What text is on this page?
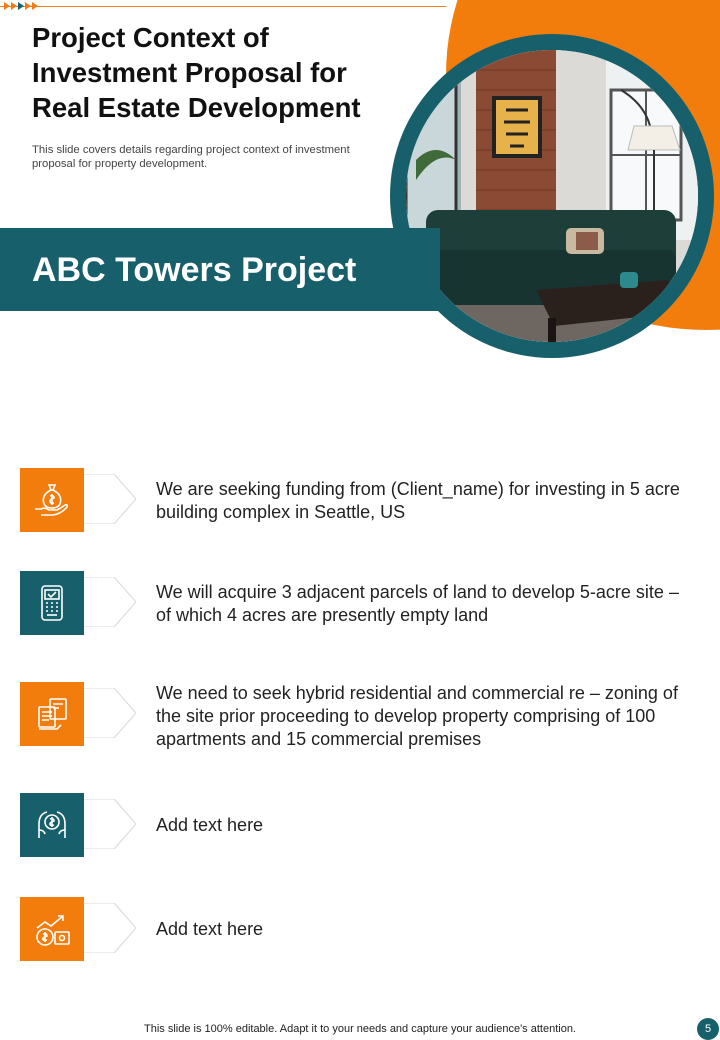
Project Context of Investment Proposal for Real Estate Development

This slide covers details regarding project context of investment proposal for property development.

ABC Towers Project

We are seeking funding from (Client_name) for investing in 5 acre building complex in Seattle, US

We will acquire 3 adjacent parcels of land to develop 5-acre site – of which 4 acres are presently empty land

We need to seek hybrid residential and commercial re – zoning of the site prior proceeding to develop property comprising of 100 apartments and 15 commercial premises

Add text here

Add text here

This slide is 100% editable. Adapt it to your needs and capture your audience's attention.	5
